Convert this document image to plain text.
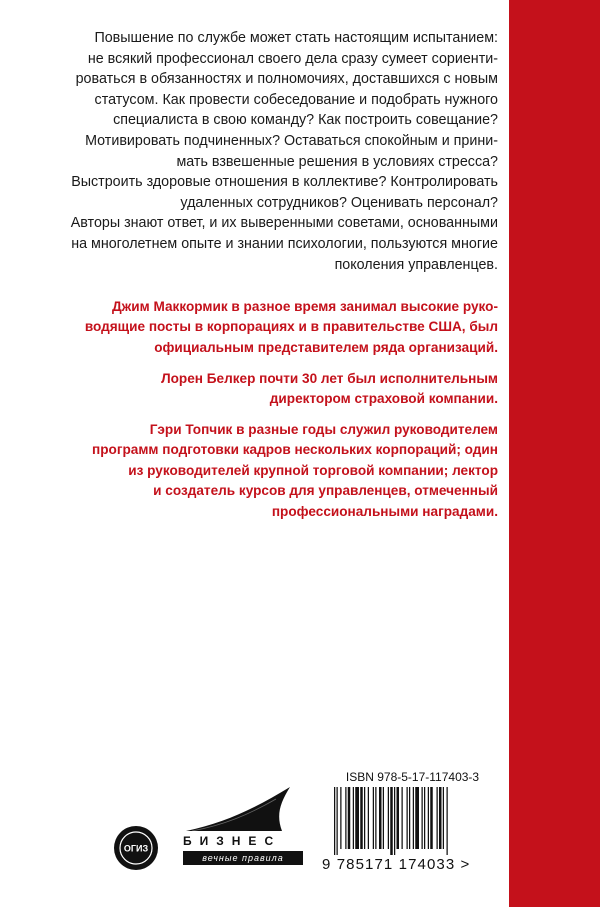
Повышение по службе может стать настоящим испытанием:
не всякий профессионал своего дела сразу сумеет сориенти-
роваться в обязанностях и полномочиях, доставшихся с новым
статусом. Как провести собеседование и подобрать нужного
специалиста в свою команду? Как построить совещание?
Мотивировать подчиненных? Оставаться спокойным и прини-
мать взвешенные решения в условиях стресса?
Выстроить здоровые отношения в коллективе? Контролировать
удаленных сотрудников? Оценивать персонал?
Авторы знают ответ, и их выверенными советами, основанными
на многолетнем опыте и знании психологии, пользуются многие
поколения управленцев.
Джим Маккормик в разное время занимал высокие руко-
водящие посты в корпорациях и в правительстве США, был
официальным представителем ряда организаций.
Лорен Белкер почти 30 лет был исполнительным
директором страховой компании.
Гэри Топчик в разные годы служил руководителем
программ подготовки кадров нескольких корпораций; один
из руководителей крупной торговой компании; лектор
и создатель курсов для управленцев, отмеченный
профессиональными наградами.
ОГИЗ
БИЗНЕС
вечные правила
ISBN 978-5-17-117403-3
9 785171 174033 >
